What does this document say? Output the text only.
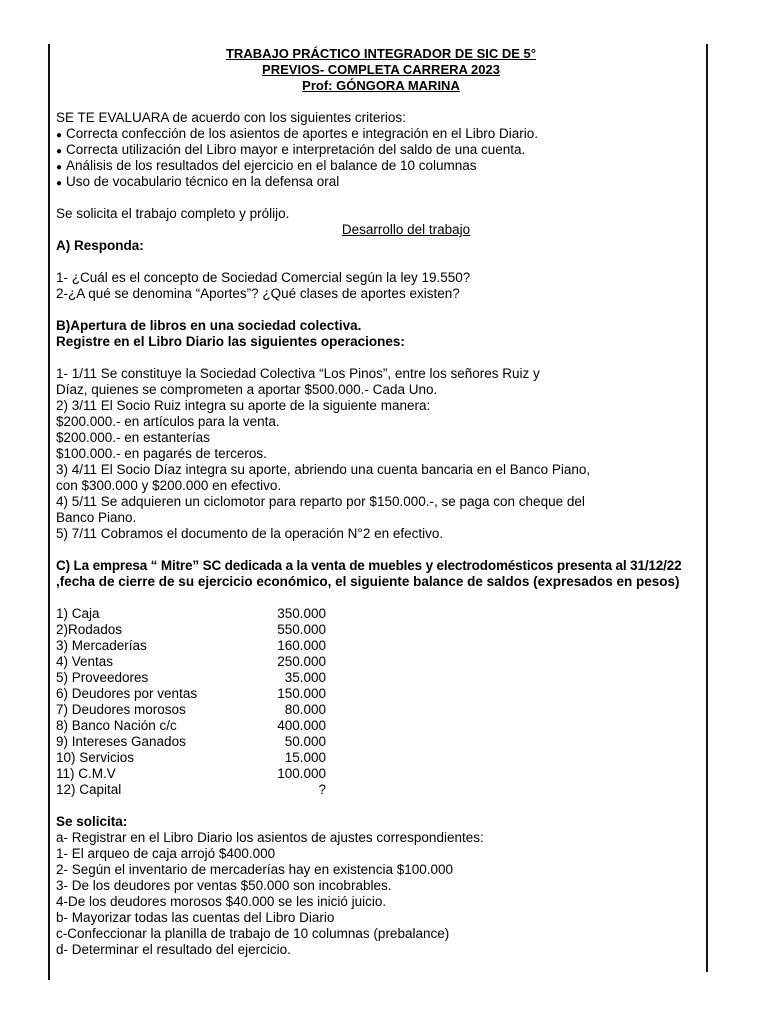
TRABAJO PRÁCTICO INTEGRADOR DE SIC DE 5°
PREVIOS- COMPLETA CARRERA 2023
Prof: GÓNGORA MARINA
SE TE EVALUARA de acuerdo con los siguientes criterios:
● Correcta confección de los asientos de aportes e integración en el Libro Diario.
● Correcta utilización del Libro mayor e interpretación del saldo de una cuenta.
● Análisis de los resultados del ejercicio en el balance de 10 columnas
● Uso de vocabulario técnico en la defensa oral
Se solicita el trabajo completo y prólijo.
Desarrollo del trabajo
A) Responda:
1- ¿Cuál es el concepto de Sociedad Comercial según la ley 19.550?
2-¿A qué se denomina “Aportes”? ¿Qué clases de aportes existen?
B)Apertura de libros en una sociedad colectiva.
Registre en el Libro Diario las siguientes operaciones:
1- 1/11 Se constituye la Sociedad Colectiva “Los Pinos”, entre los señores Ruiz y
Díaz, quienes se comprometen a aportar $500.000.- Cada Uno.
2) 3/11 El Socio Ruiz integra su aporte de la siguiente manera:
$200.000.- en artículos para la venta.
$200.000.- en estanterías
$100.000.- en pagarés de terceros.
3) 4/11 El Socio Díaz integra su aporte, abriendo una cuenta bancaria en el Banco Piano,
con $300.000 y $200.000 en efectivo.
4) 5/11 Se adquieren un ciclomotor para reparto por $150.000.-, se paga con cheque del
Banco Piano.
5) 7/11 Cobramos el documento de la operación N°2 en efectivo.
C) La empresa “ Mitre” SC dedicada a la venta de muebles y electrodomésticos presenta al 31/12/22
,fecha de cierre de su ejercicio económico, el siguiente balance de saldos (expresados en pesos)
1) Caja	350.000
2)Rodados	550.000
3) Mercaderías	160.000
4) Ventas	250.000
5) Proveedores	35.000
6) Deudores por ventas	150.000
7) Deudores morosos	80.000
8) Banco Nación c/c	400.000
9) Intereses Ganados	50.000
10) Servicios	15.000
11) C.M.V	100.000
12) Capital	?
Se solicita:
a- Registrar en el Libro Diario los asientos de ajustes correspondientes:
1- El arqueo de caja arrojó $400.000
2- Según el inventario de mercaderías hay en existencia $100.000
3- De los deudores por ventas $50.000 son incobrables.
4-De los deudores morosos $40.000 se les inició juicio.
b- Mayorizar todas las cuentas del Libro Diario
c-Confeccionar la planilla de trabajo de 10 columnas (prebalance)
d- Determinar el resultado del ejercicio.
